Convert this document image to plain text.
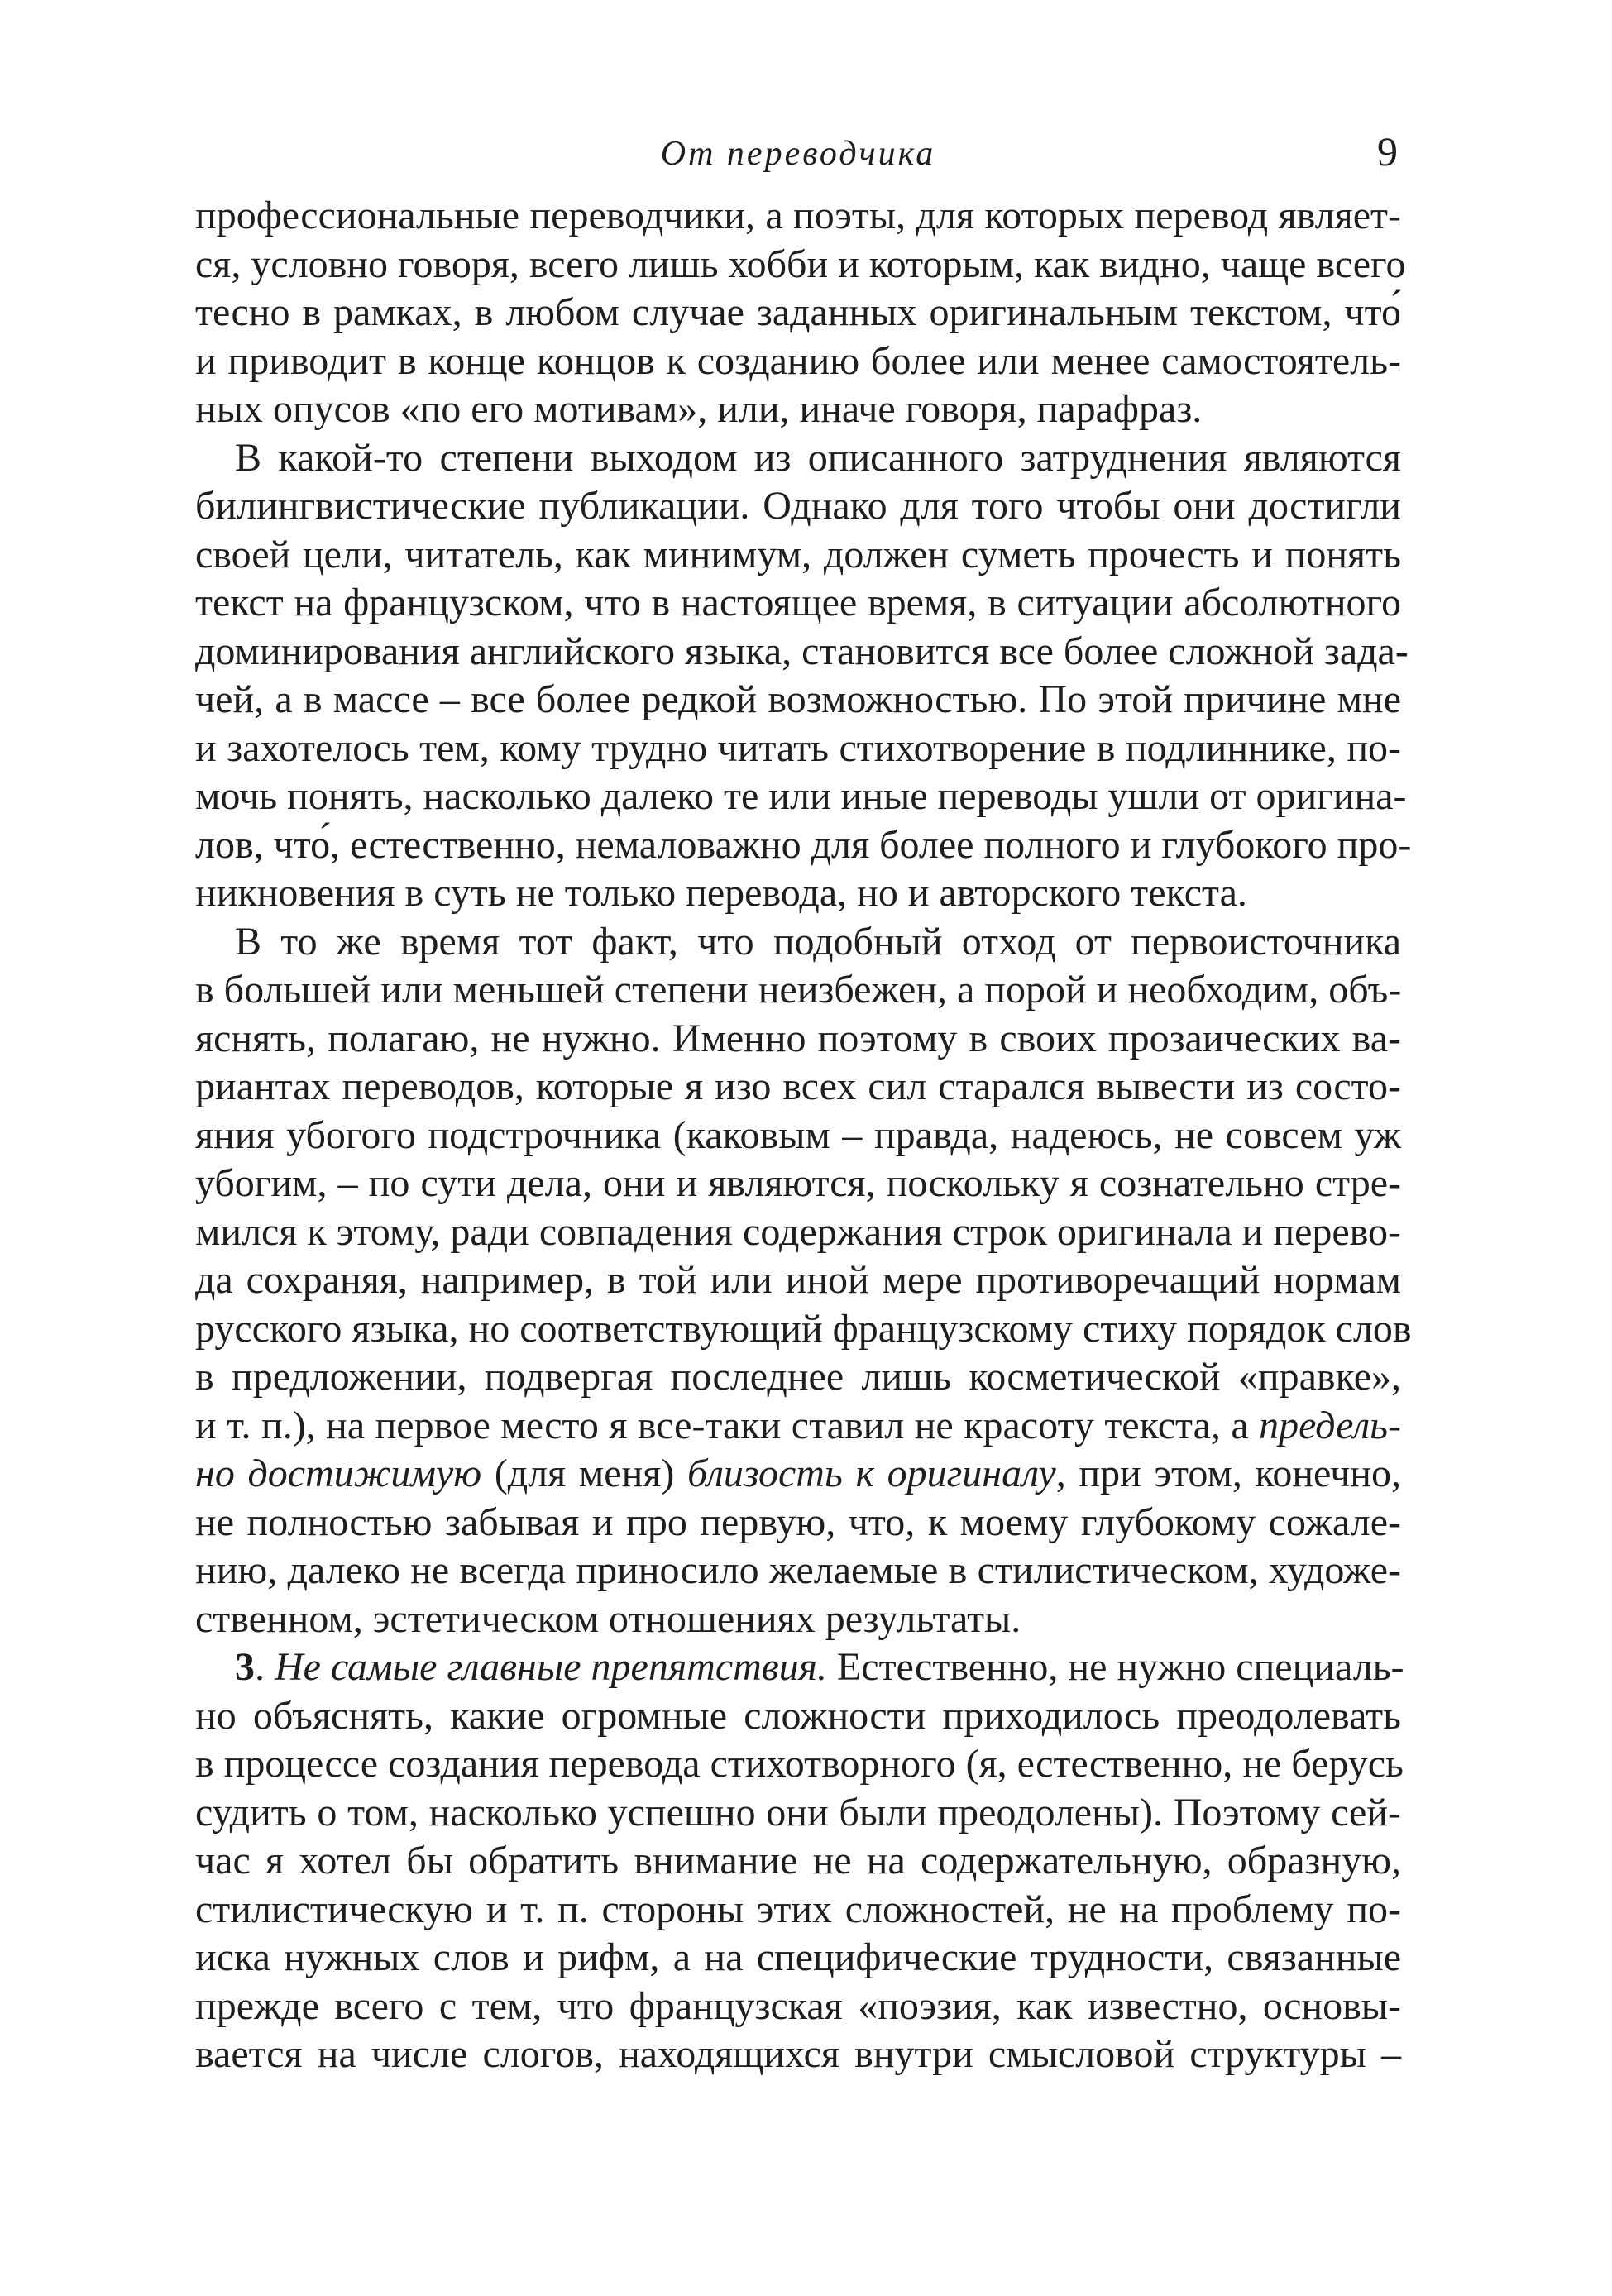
От переводчика	9
профессиональные переводчики, а поэты, для которых перевод являет-
ся, условно говоря, всего лишь хобби и которым, как видно, чаще всего
тесно в рамках, в любом случае заданных оригинальным текстом, что́
и приводит в конце концов к созданию более или менее самостоятель-
ных опусов «по его мотивам», или, иначе говоря, парафраз.
В какой-то степени выходом из описанного затруднения являются
билингвистические публикации. Однако для того чтобы они достигли
своей цели, читатель, как минимум, должен суметь прочесть и понять
текст на французском, что в настоящее время, в ситуации абсолютного
доминирования английского языка, становится все более сложной зада-
чей, а в массе – все более редкой возможностью. По этой причине мне
и захотелось тем, кому трудно читать стихотворение в подлиннике, по-
мочь понять, насколько далеко те или иные переводы ушли от оригина-
лов, что́, естественно, немаловажно для более полного и глубокого про-
никновения в суть не только перевода, но и авторского текста.
В то же время тот факт, что подобный отход от первоисточника
в большей или меньшей степени неизбежен, а порой и необходим, объ-
яснять, полагаю, не нужно. Именно поэтому в своих прозаических ва-
риантах переводов, которые я изо всех сил старался вывести из состо-
яния убогого подстрочника (каковым – правда, надеюсь, не совсем уж
убогим, – по сути дела, они и являются, поскольку я сознательно стре-
мился к этому, ради совпадения содержания строк оригинала и перево-
да сохраняя, например, в той или иной мере противоречащий нормам
русского языка, но соответствующий французскому стиху порядок слов
в предложении, подвергая последнее лишь косметической «правке»,
и т. п.), на первое место я все-таки ставил не красоту текста, а предель-
но достижимую (для меня) близость к оригиналу, при этом, конечно,
не полностью забывая и про первую, что, к моему глубокому сожале-
нию, далеко не всегда приносило желаемые в стилистическом, художе-
ственном, эстетическом отношениях результаты.
3. Не самые главные препятствия. Естественно, не нужно специаль-
но объяснять, какие огромные сложности приходилось преодолевать
в процессе создания перевода стихотворного (я, естественно, не берусь
судить о том, насколько успешно они были преодолены). Поэтому сей-
час я хотел бы обратить внимание не на содержательную, образную,
стилистическую и т. п. стороны этих сложностей, не на проблему по-
иска нужных слов и рифм, а на специфические трудности, связанные
прежде всего с тем, что французская «поэзия, как известно, основы-
вается на числе слогов, находящихся внутри смысловой структуры –
